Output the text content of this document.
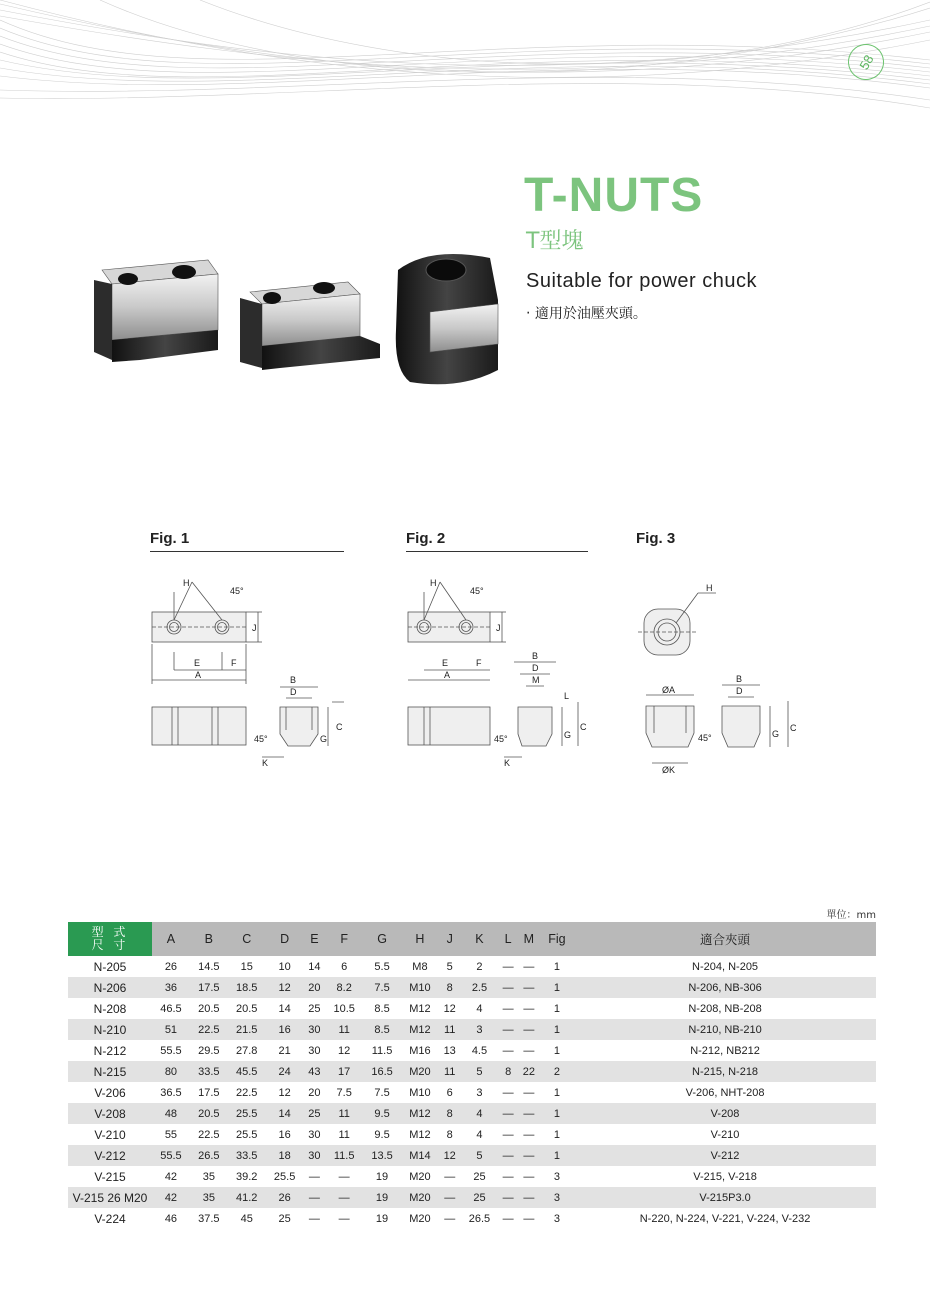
58
T-NUTS
T型塊
Suitable for power chuck
‧ 適用於油壓夾頭。
Fig. 1
H
45°
J
E	F
A	B
D
C
G
45°
K
Fig. 2
H
45°
J
E	F
A
B
D
M
L
C
G
45°
K
Fig. 3
H
ØA
B
D
C
G
45°
ØK
單位：mm
型 式
尺 寸	A	B	C	D	E	F	G	H	J	K	L	M	Fig	適合夾頭
N-205	26	14.5	15	10	14	6	5.5	M8	5	2	—	—	1	N-204, N-205
N-206	36	17.5	18.5	12	20	8.2	7.5	M10	8	2.5	—	—	1	N-206, NB-306
N-208	46.5	20.5	20.5	14	25	10.5	8.5	M12	12	4	—	—	1	N-208, NB-208
N-210	51	22.5	21.5	16	30	11	8.5	M12	11	3	—	—	1	N-210, NB-210
N-212	55.5	29.5	27.8	21	30	12	11.5	M16	13	4.5	—	—	1	N-212, NB212
N-215	80	33.5	45.5	24	43	17	16.5	M20	11	5	8	22	2	N-215, N-218
V-206	36.5	17.5	22.5	12	20	7.5	7.5	M10	6	3	—	—	1	V-206, NHT-208
V-208	48	20.5	25.5	14	25	11	9.5	M12	8	4	—	—	1	V-208
V-210	55	22.5	25.5	16	30	11	9.5	M12	8	4	—	—	1	V-210
V-212	55.5	26.5	33.5	18	30	11.5	13.5	M14	12	5	—	—	1	V-212
V-215	42	35	39.2	25.5	—	—	19	M20	—	25	—	—	3	V-215, V-218
V-215 26 M20	42	35	41.2	26	—	—	19	M20	—	25	—	—	3	V-215P3.0
V-224	46	37.5	45	25	—	—	19	M20	—	26.5	—	—	3	N-220, N-224, V-221, V-224, V-232
